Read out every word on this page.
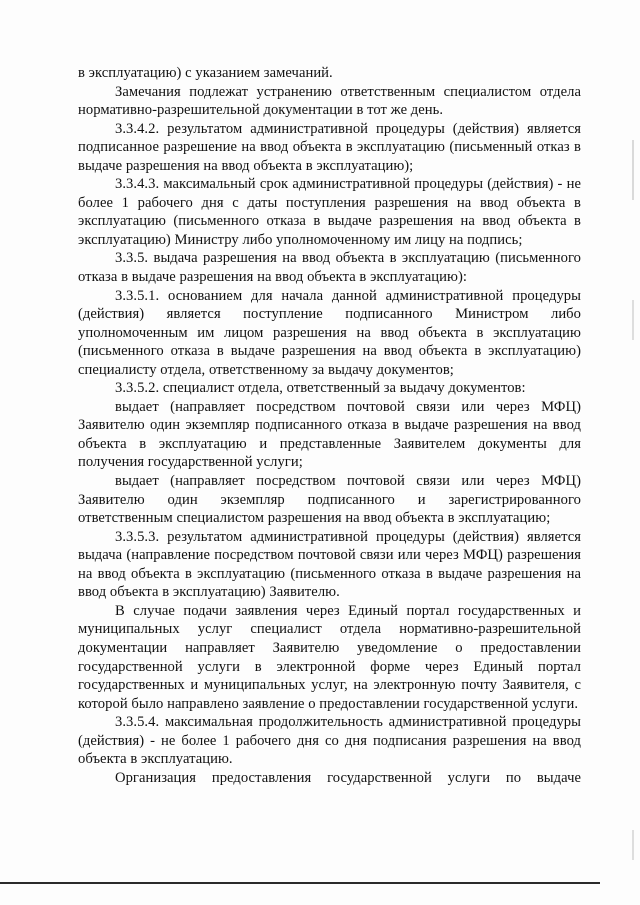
в эксплуатацию) с указанием замечаний.

Замечания подлежат устранению ответственным специалистом отдела нормативно-разрешительной документации в тот же день.

3.3.4.2. результатом административной процедуры (действия) является подписанное разрешение на ввод объекта в эксплуатацию (письменный отказ в выдаче разрешения на ввод объекта в эксплуатацию);

3.3.4.3. максимальный срок административной процедуры (действия) - не более 1 рабочего дня с даты поступления разрешения на ввод объекта в эксплуатацию (письменного отказа в выдаче разрешения на ввод объекта в эксплуатацию) Министру либо уполномоченному им лицу на подпись;

3.3.5. выдача разрешения на ввод объекта в эксплуатацию (письменного отказа в выдаче разрешения на ввод объекта в эксплуатацию):

3.3.5.1. основанием для начала данной административной процедуры (действия) является поступление подписанного Министром либо уполномоченным им лицом разрешения на ввод объекта в эксплуатацию (письменного отказа в выдаче разрешения на ввод объекта в эксплуатацию) специалисту отдела, ответственному за выдачу документов;

3.3.5.2. специалист отдела, ответственный за выдачу документов:

выдает (направляет посредством почтовой связи или через МФЦ) Заявителю один экземпляр подписанного отказа в выдаче разрешения на ввод объекта в эксплуатацию и представленные Заявителем документы для получения государственной услуги;

выдает (направляет посредством почтовой связи или через МФЦ) Заявителю один экземпляр подписанного и зарегистрированного ответственным специалистом разрешения на ввод объекта в эксплуатацию;

3.3.5.3. результатом административной процедуры (действия) является выдача (направление посредством почтовой связи или через МФЦ) разрешения на ввод объекта в эксплуатацию (письменного отказа в выдаче разрешения на ввод объекта в эксплуатацию) Заявителю.

В случае подачи заявления через Единый портал государственных и муниципальных услуг специалист отдела нормативно-разрешительной документации направляет Заявителю уведомление о предоставлении государственной услуги в электронной форме через Единый портал государственных и муниципальных услуг, на электронную почту Заявителя, с которой было направлено заявление о предоставлении государственной услуги.

3.3.5.4. максимальная продолжительность административной процедуры (действия) - не более 1 рабочего дня со дня подписания разрешения на ввод объекта в эксплуатацию.

Организация предоставления государственной услуги по выдаче
